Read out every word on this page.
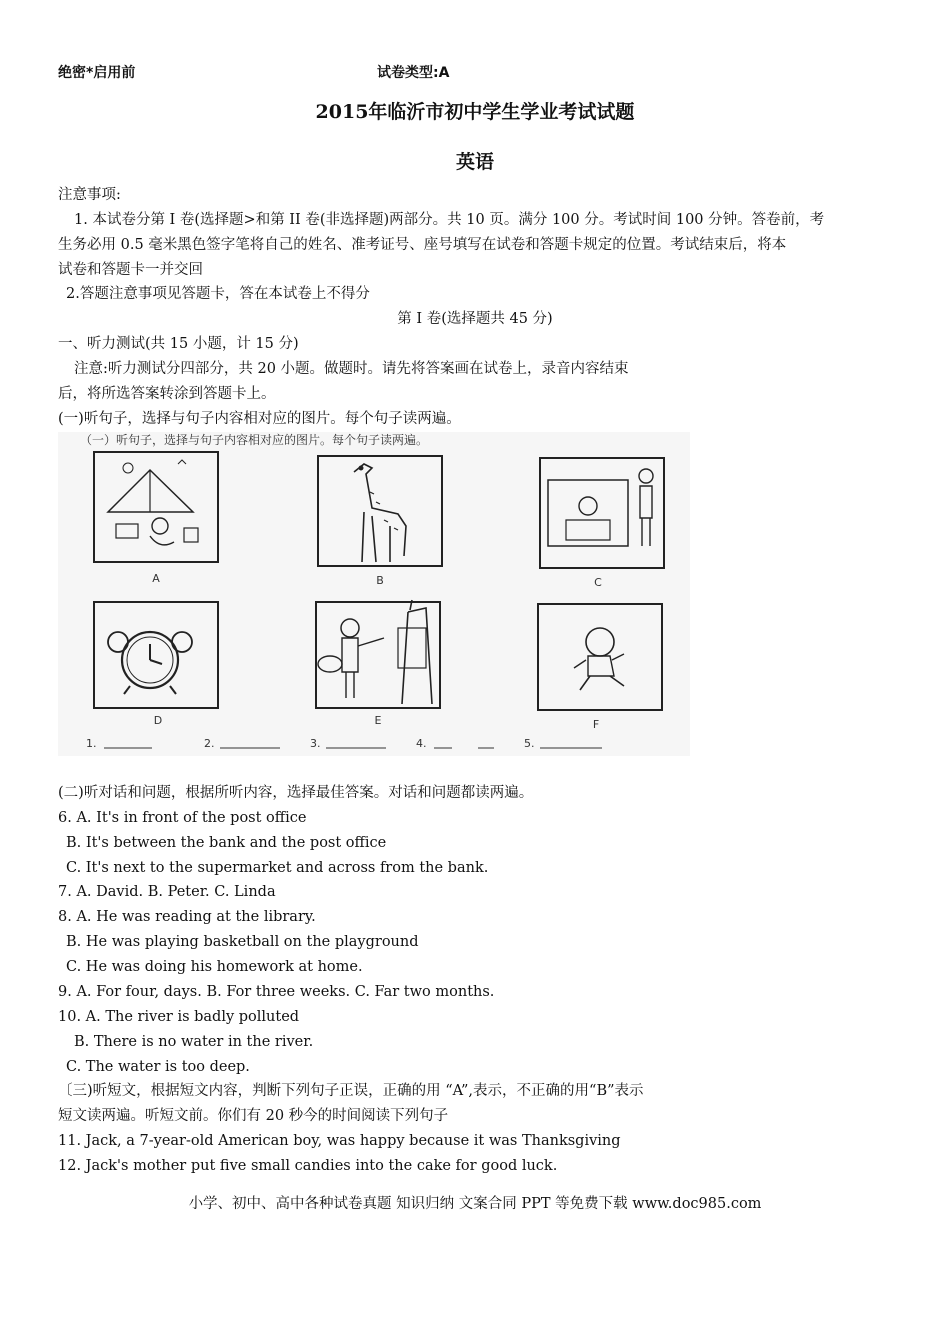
绝密*启用前	试卷类型:A
2015年临沂市初中学生学业考试试题
英语
注意事项:
1. 本试卷分第 I 卷(选择题>和第 II 卷(非选择题)两部分。共 10 页。满分 100 分。考试时间 100 分钟。答卷前，考
生务必用 0.5 毫米黑色签字笔将自己的姓名、准考证号、座号填写在试卷和答题卡规定的位置。考试结束后，将本
试卷和答题卡一并交回
2.答题注意事项见答题卡，答在本试卷上不得分
第 I 卷(选择题共 45 分)
一、听力测试(共 15 小题，计 15 分)
注意:听力测试分四部分，共 20 小题。做题时。请先将答案画在试卷上，录音内容结束
后，将所选答案转涂到答题卡上。
(一)听句子，选择与句子内容相对应的图片。每个句子读两遍。
（一）听句子，选择与句子内容相对应的图片。每个句子读两遍。
A	B	C
D	E	F
1.	2.	3.	4.	5.
(二)听对话和问题，根据所听内容，选择最佳答案。对话和问题都读两遍。
6. A. It's in front of the post office
B. It's between the bank and the post office
C. It's next to the supermarket and across from the bank.
7. A. David. B. Peter. C. Linda
8. A. He was reading at the library.
B. He was playing basketball on the playground
C. He was doing his homework at home.
9. A. For four, days. B. For three weeks. C. Far two months.
10. A. The river is badly polluted
B. There is no water in the river.
C. The water is too deep.
〔三)听短文，根据短文内容，判断下列句子正误，正确的用 “A”,表示，不正确的用“B”表示
短文读两遍。听短文前。你们有 20 秒今的时间阅读下列句子
11. Jack, a 7-year-old American boy, was happy because it was Thanksgiving
12. Jack's mother put five small candies into the cake for good luck.
小学、初中、高中各种试卷真题 知识归纳 文案合同 PPT 等免费下载 www.doc985.com
